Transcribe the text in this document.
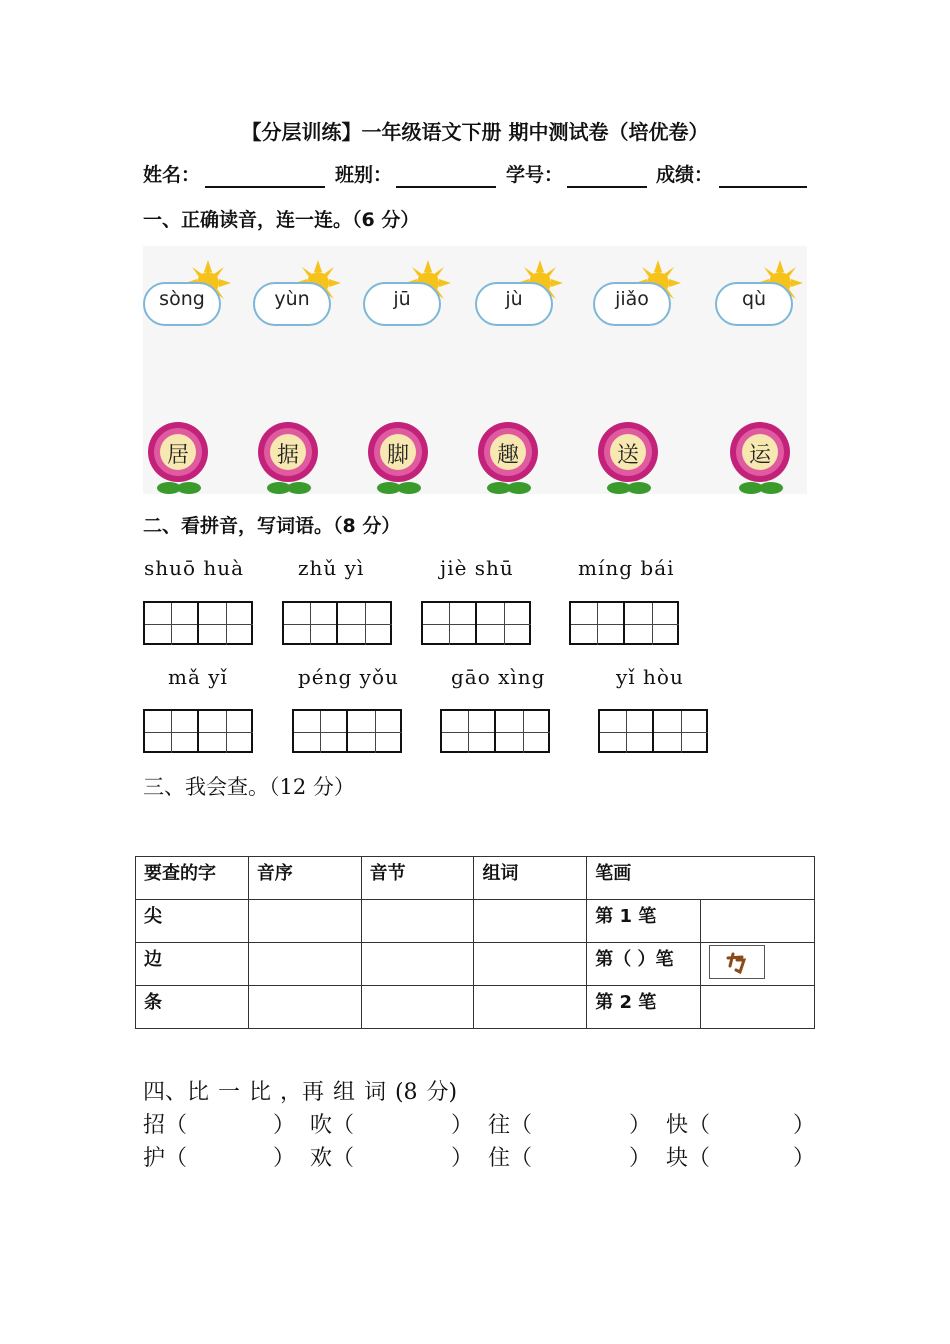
【分层训练】一年级语文下册 期中测试卷（培优卷）
姓名：	班别：	学号：	成绩：
一、正确读音，连一连。（6 分）
sòng	yùn	jū	jù	jiǎo	qù
居	据	脚	趣	送	运
二、看拼音，写词语。（8 分）
shuō huà	zhǔ yì	jiè shū	míng bái
mǎ yǐ	péng yǒu	gāo xìng	yǐ hòu
三、我会查。（12 分）
要查的字	音序	音节	组词	笔画	
尖				第 1 笔	
边				第（ ）笔	

条				第 2 笔	
四、比 一 比 ，再 组 词 (8 分)
招（	） 吹（	） 往（	） 快（	）
护（	） 欢（	） 住（	） 块（	）
